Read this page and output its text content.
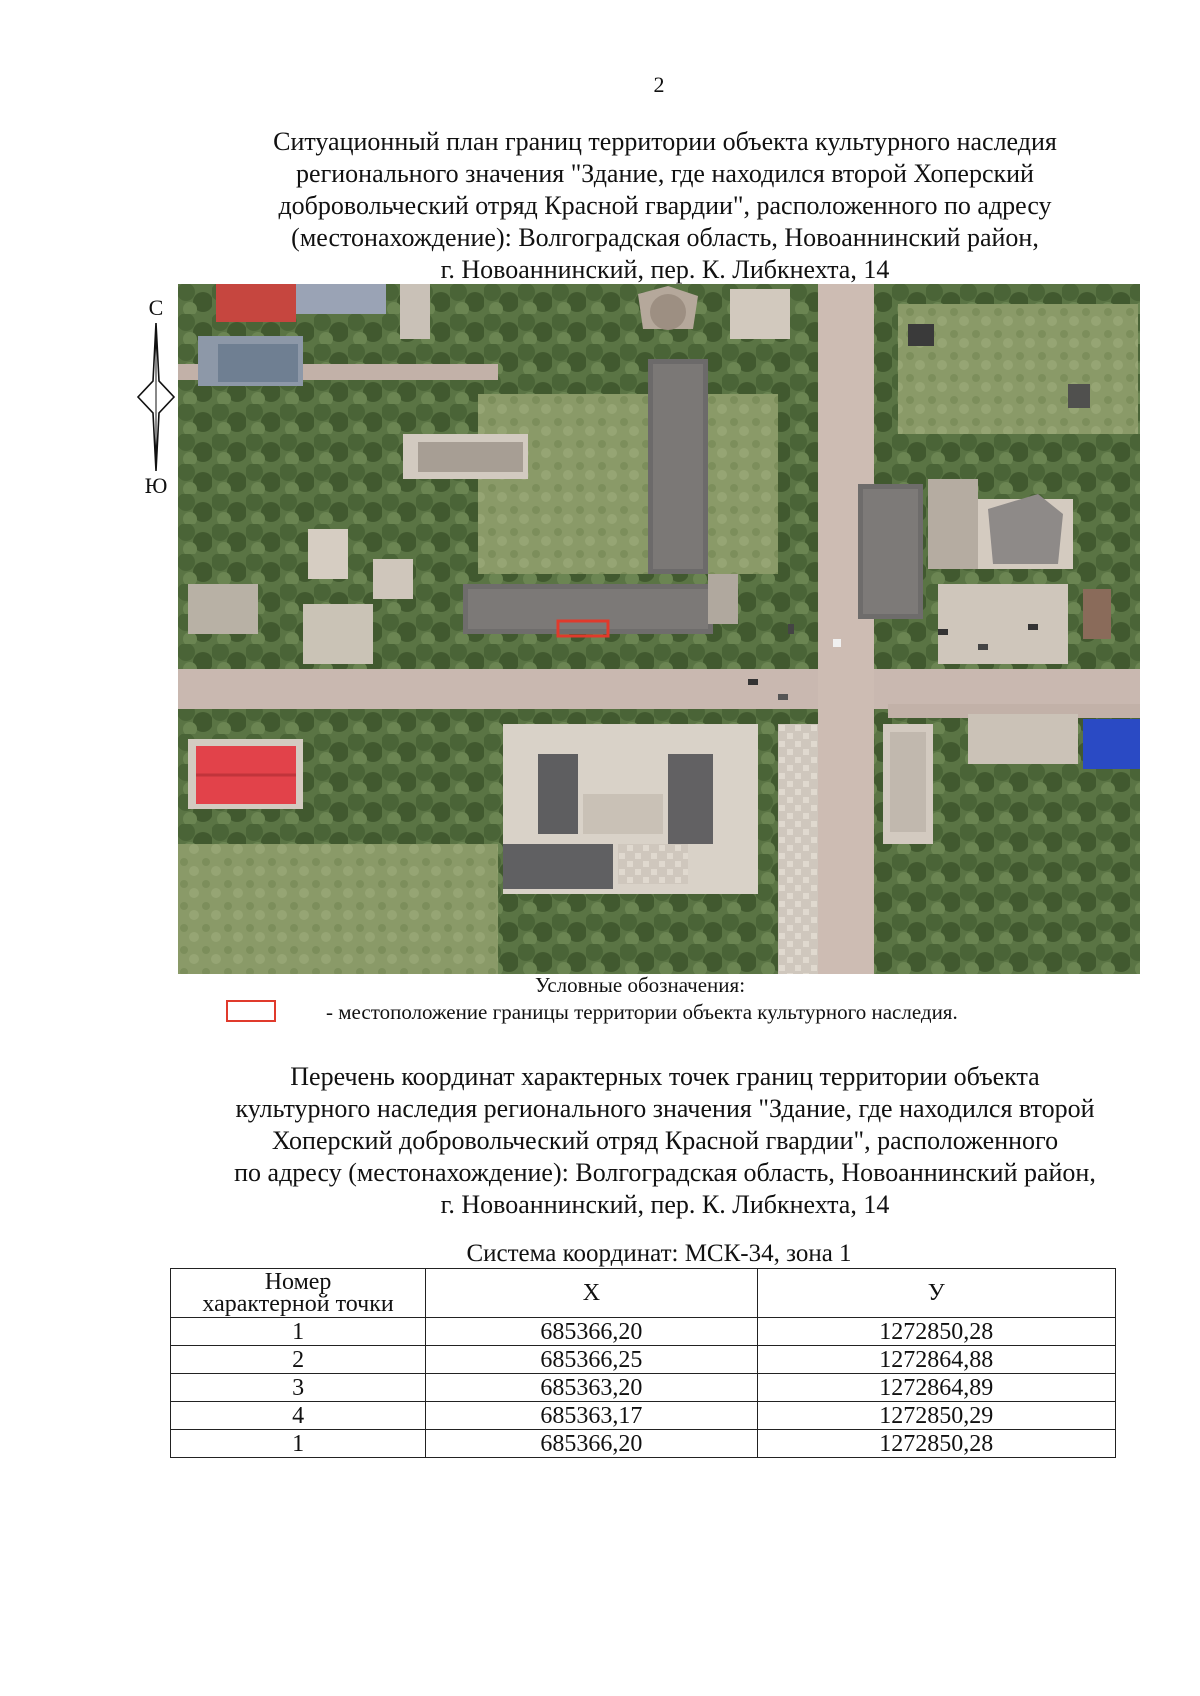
2
Ситуационный план границ территории объекта культурного наследия
регионального значения "Здание, где находился второй Хоперский
добровольческий отряд Красной гвардии", расположенного по адресу
(местонахождение): Волгоградская область, Новоаннинский район,
г. Новоаннинский, пер. К. Либкнехта, 14
С
Ю
Условные обозначения:
- местоположение границы территории объекта культурного наследия.
Перечень координат характерных точек границ территории объекта
культурного наследия регионального значения "Здание, где находился второй
Хоперский добровольческий отряд Красной гвардии", расположенного
по адресу (местонахождение): Волгоградская область, Новоаннинский район,
г. Новоаннинский, пер. К. Либкнехта, 14
Система координат: МСК-34, зона 1
Номер
характерной точки	X	У
1	685366,20	1272850,28
2	685366,25	1272864,88
3	685363,20	1272864,89
4	685363,17	1272850,29
1	685366,20	1272850,28
